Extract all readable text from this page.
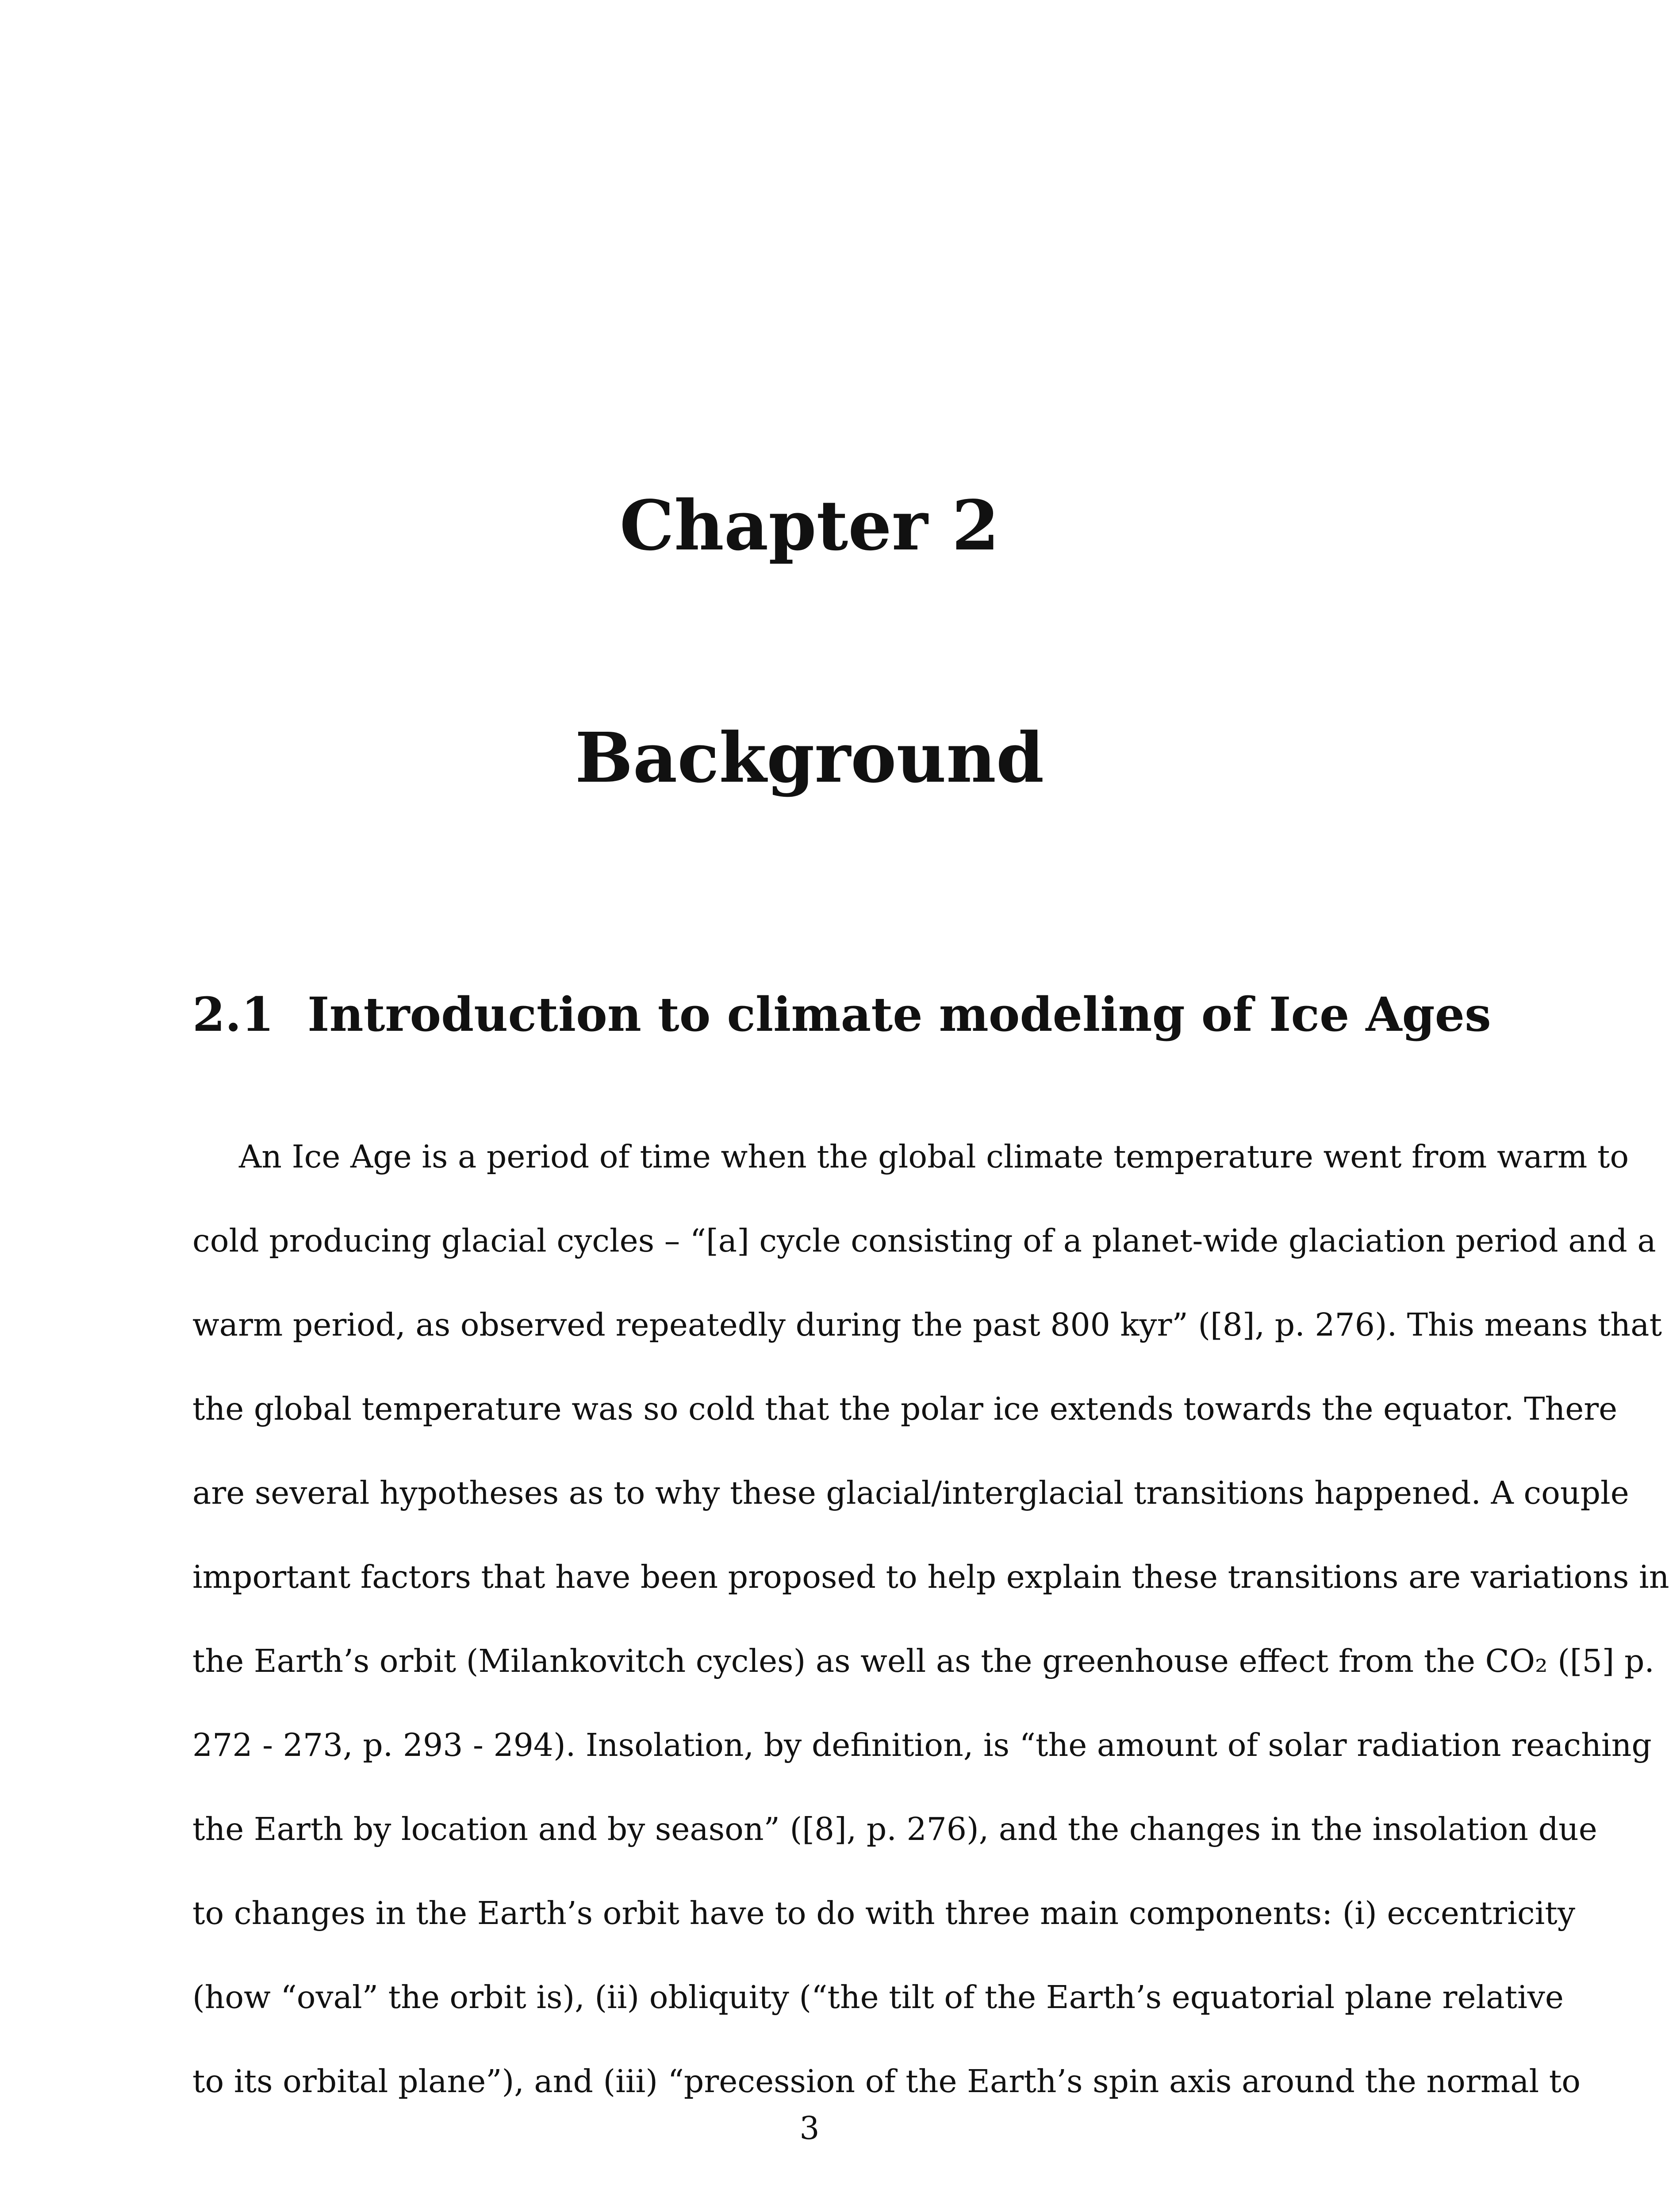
Chapter 2
Background
2.1 Introduction to climate modeling of Ice Ages
An Ice Age is a period of time when the global climate temperature went from warm to
cold producing glacial cycles – “[a] cycle consisting of a planet-wide glaciation period and a
warm period, as observed repeatedly during the past 800 kyr” ([8], p. 276). This means that
the global temperature was so cold that the polar ice extends towards the equator. There
are several hypotheses as to why these glacial/interglacial transitions happened. A couple
important factors that have been proposed to help explain these transitions are variations in
the Earth’s orbit (Milankovitch cycles) as well as the greenhouse effect from the CO₂ ([5] p.
272 - 273, p. 293 - 294). Insolation, by definition, is “the amount of solar radiation reaching
the Earth by location and by season” ([8], p. 276), and the changes in the insolation due
to changes in the Earth’s orbit have to do with three main components: (i) eccentricity
(how “oval” the orbit is), (ii) obliquity (“the tilt of the Earth’s equatorial plane relative
to its orbital plane”), and (iii) “precession of the Earth’s spin axis around the normal to
3
